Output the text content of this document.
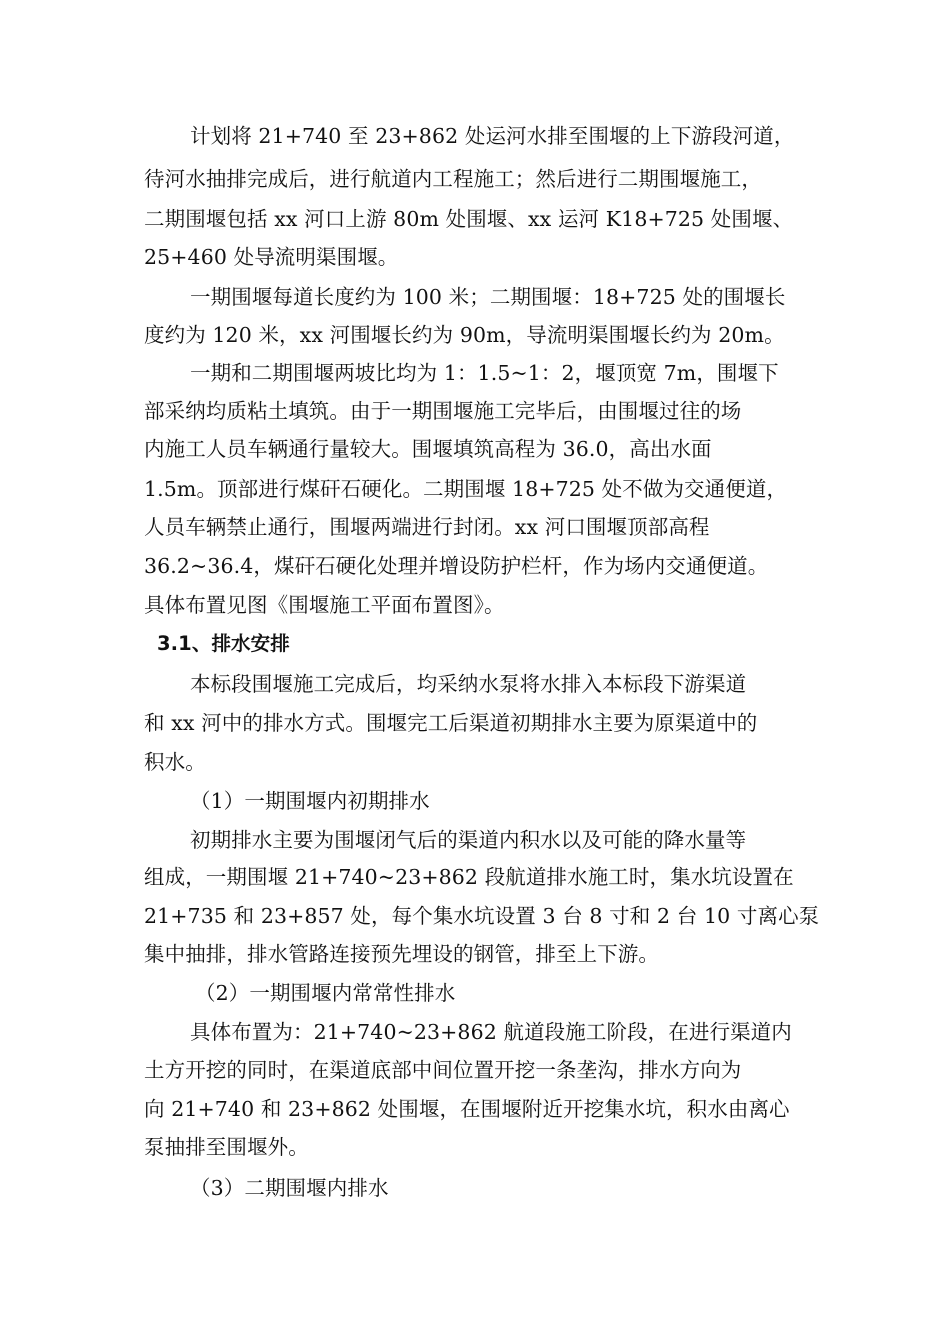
计划将 21+740 至 23+862 处运河水排至围堰的上下游段河道，
待河水抽排完成后，进行航道内工程施工；然后进行二期围堰施工，
二期围堰包括 xx 河口上游 80m 处围堰、xx 运河 K18+725 处围堰、
25+460 处导流明渠围堰。
一期围堰每道长度约为 100 米；二期围堰：18+725 处的围堰长
度约为 120 米，xx 河围堰长约为 90m，导流明渠围堰长约为 20m。
一期和二期围堰两坡比均为 1：1.5~1：2，堰顶宽 7m，围堰下
部采纳均质粘土填筑。由于一期围堰施工完毕后，由围堰过往的场
内施工人员车辆通行量较大。围堰填筑高程为 36.0，高出水面
1.5m。顶部进行煤矸石硬化。二期围堰 18+725 处不做为交通便道，
人员车辆禁止通行，围堰两端进行封闭。xx 河口围堰顶部高程
36.2~36.4，煤矸石硬化处理并增设防护栏杆，作为场内交通便道。
具体布置见图《围堰施工平面布置图》。
3.1、排水安排
本标段围堰施工完成后，均采纳水泵将水排入本标段下游渠道
和 xx 河中的排水方式。围堰完工后渠道初期排水主要为原渠道中的
积水。
（1）一期围堰内初期排水
初期排水主要为围堰闭气后的渠道内积水以及可能的降水量等
组成，一期围堰 21+740~23+862 段航道排水施工时，集水坑设置在
21+735 和 23+857 处，每个集水坑设置 3 台 8 寸和 2 台 10 寸离心泵
集中抽排，排水管路连接预先埋设的钢管，排至上下游。
（2）一期围堰内常常性排水
具体布置为：21+740~23+862 航道段施工阶段，在进行渠道内
土方开挖的同时，在渠道底部中间位置开挖一条垄沟，排水方向为
向 21+740 和 23+862 处围堰，在围堰附近开挖集水坑，积水由离心
泵抽排至围堰外。
（3）二期围堰内排水
